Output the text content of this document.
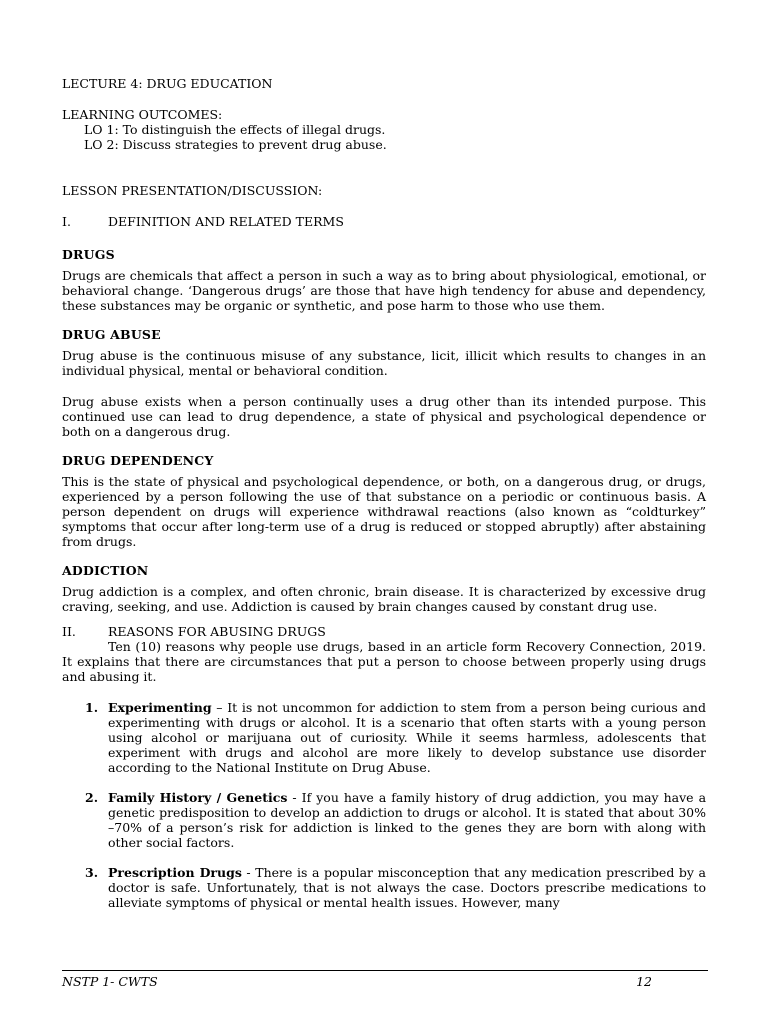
LECTURE 4: DRUG EDUCATION

LEARNING OUTCOMES:

LO 1: To distinguish the effects of illegal drugs.

LO 2: Discuss strategies to prevent drug abuse.

LESSON PRESENTATION/DISCUSSION:

I.	DEFINITION AND RELATED TERMS
DRUGS

Drugs are chemicals that affect a person in such a way as to bring about physiological, emotional, or behavioral change. ‘Dangerous drugs’ are those that have high tendency for abuse and dependency, these substances may be organic or synthetic, and pose harm to those who use them.

DRUG ABUSE

Drug abuse is the continuous misuse of any substance, licit, illicit which results to changes in an individual physical, mental or behavioral condition.

Drug abuse exists when a person continually uses a drug other than its intended purpose. This continued use can lead to drug dependence, a state of physical and psychological dependence or both on a dangerous drug.

DRUG DEPENDENCY

This is the state of physical and psychological dependence, or both, on a dangerous drug, or drugs, experienced by a person following the use of that substance on a periodic or continuous basis. A person dependent on drugs will experience withdrawal reactions (also known as “coldturkey” symptoms that occur after long-term use of a drug is reduced or stopped abruptly) after abstaining from drugs.

ADDICTION

Drug addiction is a complex, and often chronic, brain disease. It is characterized by excessive drug craving, seeking, and use. Addiction is caused by brain changes caused by constant drug use.

II.	REASONS FOR ABUSING DRUGS

Ten (10) reasons why people use drugs, based in an article form Recovery Connection, 2019. It explains that there are circumstances that put a person to choose between properly using drugs and abusing it.

1. Experimenting – It is not uncommon for addiction to stem from a person being curious and experimenting with drugs or alcohol. It is a scenario that often starts with a young person using alcohol or marijuana out of curiosity. While it seems harmless, adolescents that experiment with drugs and alcohol are more likely to develop substance use disorder according to the National Institute on Drug Abuse.
2. Family History / Genetics - If you have a family history of drug addiction, you may have a genetic predisposition to develop an addiction to drugs or alcohol. It is stated that about 30% –70% of a person’s risk for addiction is linked to the genes they are born with along with other social factors.
3. Prescription Drugs - There is a popular misconception that any medication prescribed by a doctor is safe. Unfortunately, that is not always the case. Doctors prescribe medications to alleviate symptoms of physical or mental health issues. However, many
NSTP 1- CWTS	12
